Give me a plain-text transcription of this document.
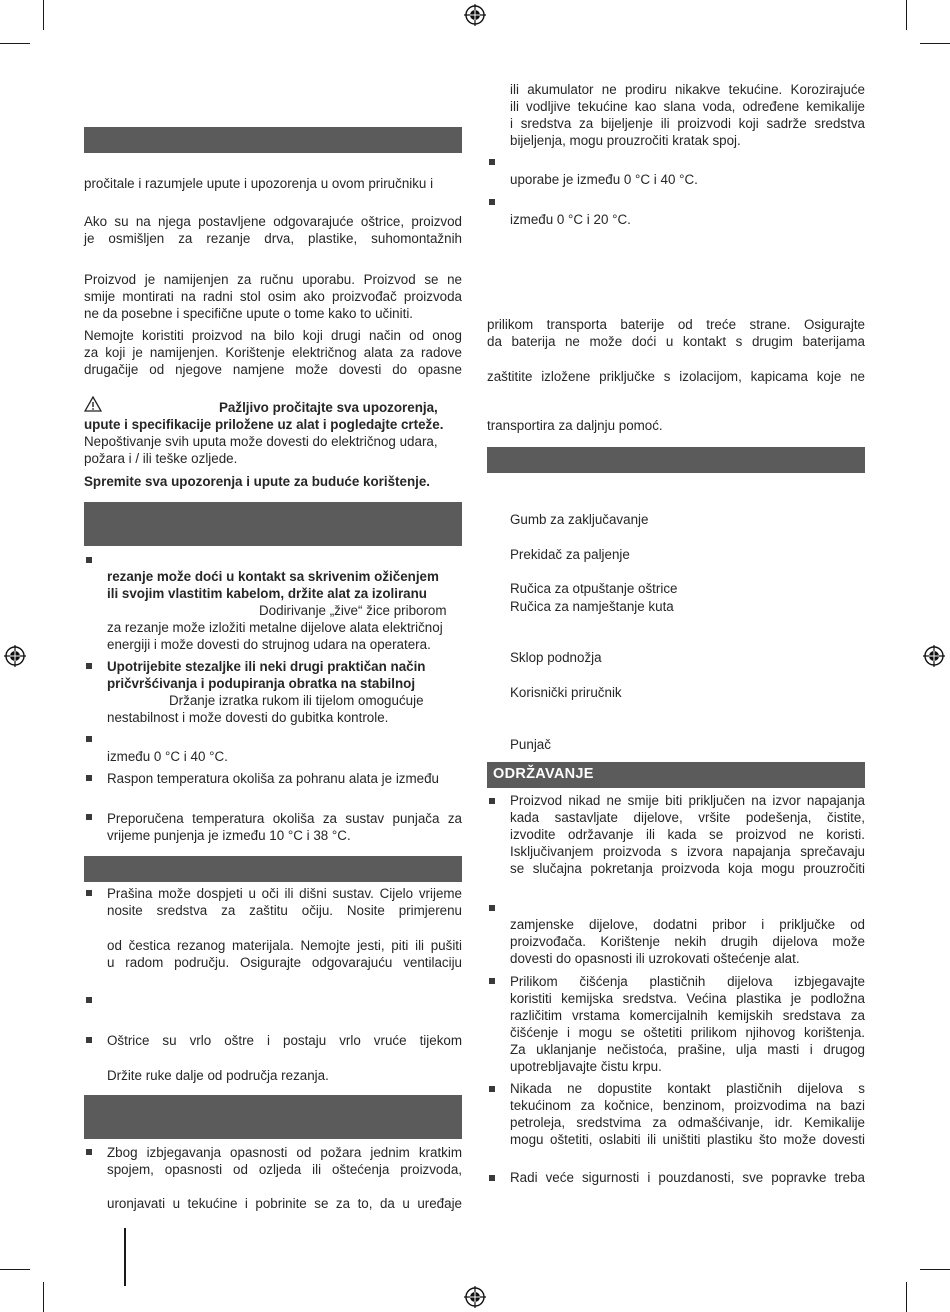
pročitale i razumjele upute i upozorenja u ovom priručniku i
Ako su na njega postavljene odgovarajuće oštrice, proizvod
je osmišljen za rezanje drva, plastike, suhomontažnih
Proizvod je namijenjen za ručnu uporabu. Proizvod se ne
smije montirati na radni stol osim ako proizvođač proizvoda
ne da posebne i specifične upute o tome kako to učiniti.
Nemojte koristiti proizvod na bilo koji drugi način od onog
za koji je namijenjen. Korištenje električnog alata za radove
drugačije od njegove namjene može dovesti do opasne
Pažljivo pročitajte sva upozorenja,
upute i specifikacije priložene uz alat i pogledajte crteže.
Nepoštivanje svih uputa može dovesti do električnog udara,
požara i / ili teške ozljede.
Spremite sva upozorenja i upute za buduće korištenje.
rezanje može doći u kontakt sa skrivenim ožičenjem
ili svojim vlastitim kabelom, držite alat za izoliranu
Dodirivanje „žive“ žice priborom
za rezanje može izložiti metalne dijelove alata električnoj
energiji i može dovesti do strujnog udara na operatera.
Upotrijebite stezaljke ili neki drugi praktičan način
pričvršćivanja i podupiranja obratka na stabilnoj
Držanje izratka rukom ili tijelom omogućuje
nestabilnost i može dovesti do gubitka kontrole.
između 0 °C i 40 °C.
Raspon temperatura okoliša za pohranu alata je između
Preporučena temperatura okoliša za sustav punjača za
vrijeme punjenja je između 10 °C i 38 °C.
Prašina može dospjeti u oči ili dišni sustav. Cijelo vrijeme
nosite sredstva za zaštitu očiju. Nosite primjerenu
od čestica rezanog materijala. Nemojte jesti, piti ili pušiti
u radom području. Osigurajte odgovarajuću ventilaciju
Oštrice su vrlo oštre i postaju vrlo vruće tijekom
Držite ruke dalje od područja rezanja.
Zbog izbjegavanja opasnosti od požara jednim kratkim
spojem, opasnosti od ozljeda ili oštećenja proizvoda,
uronjavati u tekućine i pobrinite se za to, da u uređaje
ili akumulator ne prodiru nikakve tekućine. Korozirajuće
ili vodljive tekućine kao slana voda, određene kemikalije
i sredstva za bijeljenje ili proizvodi koji sadrže sredstva
bijeljenja, mogu prouzročiti kratak spoj.
uporabe je između 0 °C i 40 °C.
između 0 °C i 20 °C.
prilikom transporta baterije od treće strane. Osigurajte
da baterija ne može doći u kontakt s drugim baterijama
zaštitite izložene priključke s izolacijom, kapicama koje ne
transportira za daljnju pomoć.
Gumb za zaključavanje
Prekidač za paljenje
Ručica za otpuštanje oštrice
Ručica za namještanje kuta
Sklop podnožja
Korisnički priručnik
Punjač
ODRŽAVANJE
Proizvod nikad ne smije biti priključen na izvor napajanja
kada sastavljate dijelove, vršite podešenja, čistite,
izvodite održavanje ili kada se proizvod ne koristi.
Isključivanjem proizvoda s izvora napajanja sprečavaju
se slučajna pokretanja proizvoda koja mogu prouzročiti
zamjenske dijelove, dodatni pribor i priključke od
proizvođača. Korištenje nekih drugih dijelova može
dovesti do opasnosti ili uzrokovati oštećenje alat.
Prilikom čišćenja plastičnih dijelova izbjegavajte
koristiti kemijska sredstva. Većina plastika je podložna
različitim vrstama komercijalnih kemijskih sredstava za
čišćenje i mogu se oštetiti prilikom njihovog korištenja.
Za uklanjanje nečistoća, prašine, ulja masti i drugog
upotrebljavajte čistu krpu.
Nikada ne dopustite kontakt plastičnih dijelova s
tekućinom za kočnice, benzinom, proizvodima na bazi
petroleja, sredstvima za odmašćivanje, idr. Kemikalije
mogu oštetiti, oslabiti ili uništiti plastiku što može dovesti
Radi veće sigurnosti i pouzdanosti, sve popravke treba
